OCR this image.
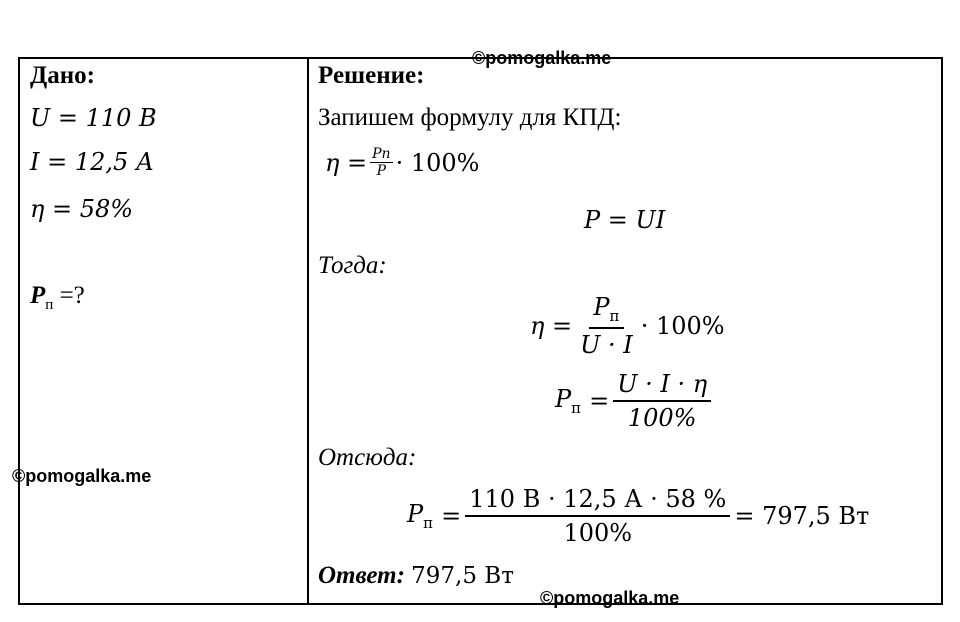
©pomogalka.me
©pomogalka.me
©pomogalka.me
Дано:
U = 110 В
I = 12,5 А
η = 58%
$P_п$ =?
Решение:
Запишем формулу для КПД:
$\eta = \frac{Pп}{P} \cdot 100\%$
P = UI
Тогда:
$\eta = \frac{P_п}{U \cdot I} \cdot 100\%$
$P_п = \frac{U \cdot I \cdot \eta}{100\%}$
Отсюда:
$P_п = \frac{110 В \cdot 12,5 А \cdot 58 \%}{100\%} = 797,5$ Вт
Ответ: 797,5 Вт
